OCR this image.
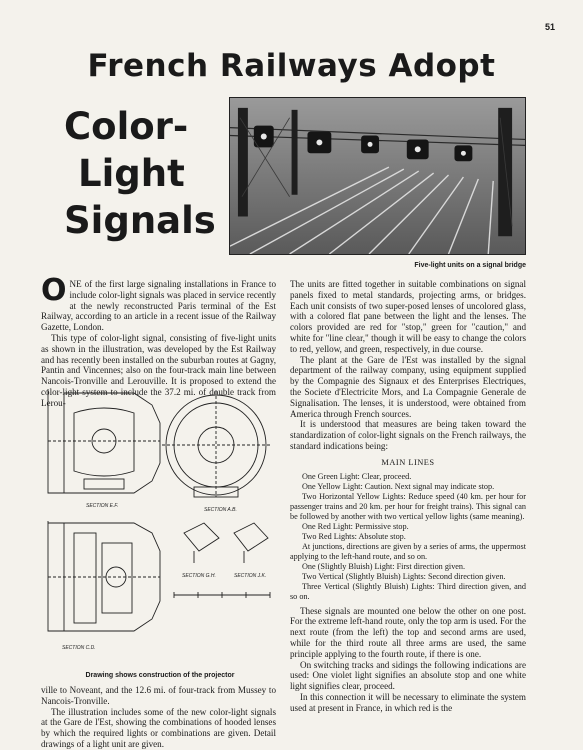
51
French Railways Adopt
Color-
Light
Signals
Five-light units on a signal bridge

ONE of the first large signaling installations in France to include color-light signals was placed in service recently at the newly reconstructed Paris terminal of the Est Railway, according to an article in a recent issue of the Railway Gazette, London.

This type of color-light signal, consisting of five-light units as shown in the illustration, was developed by the Est Railway and has recently been installed on the suburban routes at Gagny, Pantin and Vincennes; also on the four-track main line between Nancois-Tronville and Lerouville. It is proposed to extend the color-light system to include the 37.2 mi. of double track from Lerou-

SECTION E.F.
SECTION A.B.
SECTION G.H.	SECTION J.K.
SECTION C.D.
Drawing shows construction of the projector

ville to Noveant, and the 12.6 mi. of four-track from Mussey to Nancois-Tronville.

The illustration includes some of the new color-light signals at the Gare de l'Est, showing the combinations of hooded lenses by which the required lights or combinations are given. Detail drawings of a light unit are given.

The units are fitted together in suitable combinations on signal panels fixed to metal standards, projecting arms, or bridges. Each unit consists of two super-posed lenses of uncolored glass, with a colored flat pane between the light and the lenses. The colors provided are red for "stop," green for "caution," and white for "line clear," though it will be easy to change the colors to red, yellow, and green, respectively, in due course.

The plant at the Gare de l'Est was installed by the signal department of the railway company, using equipment supplied by the Compagnie des Signaux et des Enterprises Electriques, the Societe d'Electricite Mors, and La Compagnie Generale de Signalisation. The lenses, it is understood, were obtained from America through French sources.

It is understood that measures are being taken toward the standardization of color-light signals on the French railways, the standard indications being:

MAIN LINES

One Green Light: Clear, proceed.

One Yellow Light: Caution. Next signal may indicate stop.

Two Horizontal Yellow Lights: Reduce speed (40 km. per hour for passenger trains and 20 km. per hour for freight trains). This signal can be followed by another with two vertical yellow lights (same meaning).

One Red Light: Permissive stop.

Two Red Lights: Absolute stop.

At junctions, directions are given by a series of arms, the uppermost applying to the left-hand route, and so on.

One (Slightly Bluish) Light: First direction given.

Two Vertical (Slightly Bluish) Lights: Second direction given.

Three Vertical (Slightly Bluish) Lights: Third direction given, and so on.

These signals are mounted one below the other on one post. For the extreme left-hand route, only the top arm is used. For the next route (from the left) the top and second arms are used, while for the third route all three arms are used, the same principle applying to the fourth route, if there is one.

On switching tracks and sidings the following indications are used: One violet light signifies an absolute stop and one white light signifies clear, proceed.

In this connection it will be necessary to eliminate the system used at present in France, in which red is the
